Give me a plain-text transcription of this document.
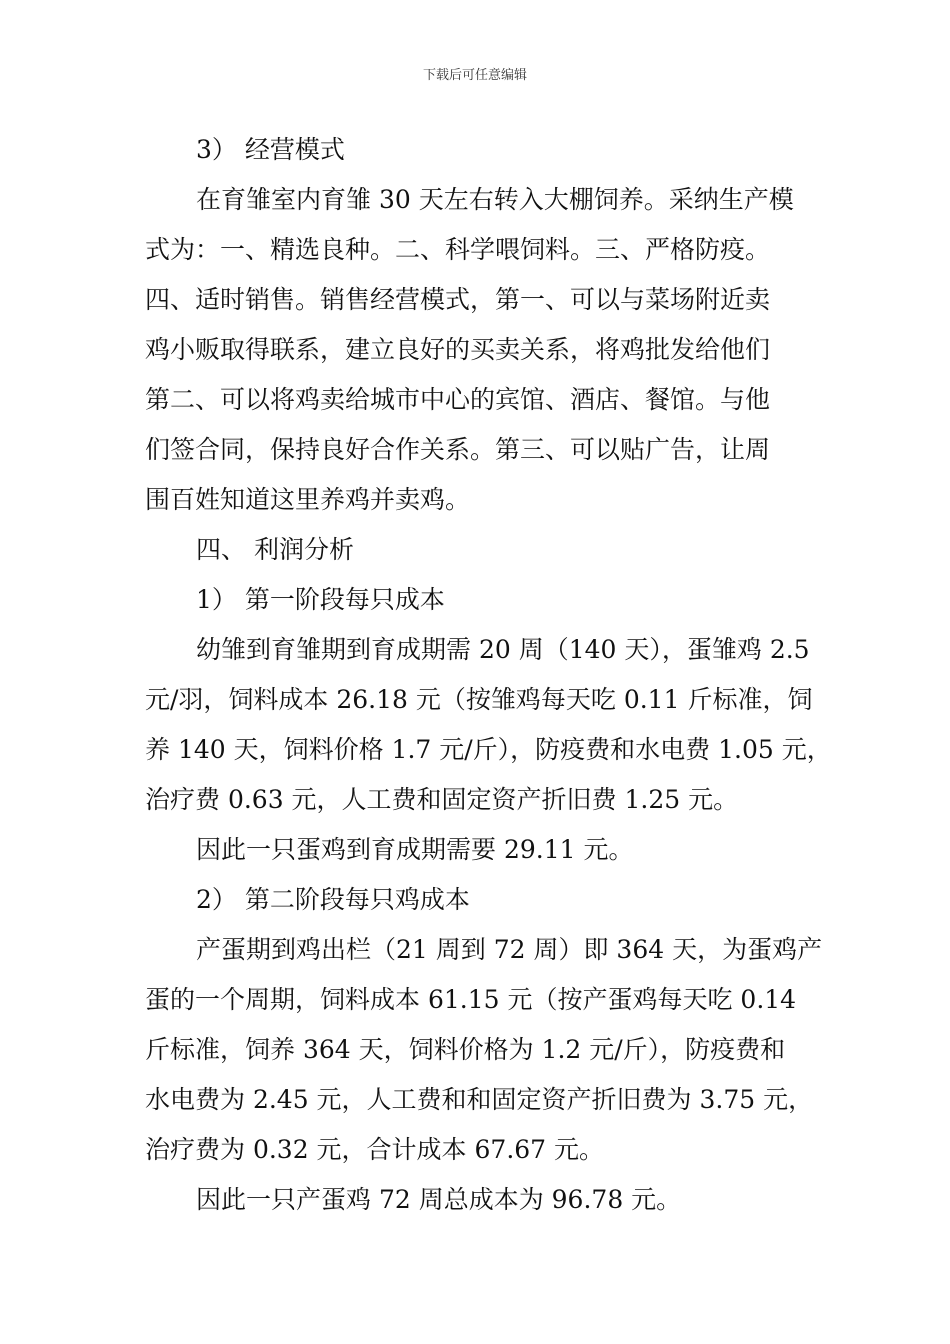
下载后可任意编辑
3） 经营模式
在育雏室内育雏 30 天左右转入大棚饲养。采纳生产模
式为：一、精选良种。二、科学喂饲料。三、严格防疫。
四、适时销售。销售经营模式，第一、可以与菜场附近卖
鸡小贩取得联系，建立良好的买卖关系，将鸡批发给他们
第二、可以将鸡卖给城市中心的宾馆、酒店、餐馆。与他
们签合同，保持良好合作关系。第三、可以贴广告，让周
围百姓知道这里养鸡并卖鸡。
四、 利润分析
1） 第一阶段每只成本
幼雏到育雏期到育成期需 20 周（140 天），蛋雏鸡 2.5
元/羽，饲料成本 26.18 元（按雏鸡每天吃 0.11 斤标准，饲
养 140 天，饲料价格 1.7 元/斤），防疫费和水电费 1.05 元，
治疗费 0.63 元，人工费和固定资产折旧费 1.25 元。
因此一只蛋鸡到育成期需要 29.11 元。
2） 第二阶段每只鸡成本
产蛋期到鸡出栏（21 周到 72 周）即 364 天，为蛋鸡产
蛋的一个周期，饲料成本 61.15 元（按产蛋鸡每天吃 0.14
斤标准，饲养 364 天，饲料价格为 1.2 元/斤），防疫费和
水电费为 2.45 元，人工费和和固定资产折旧费为 3.75 元，
治疗费为 0.32 元，合计成本 67.67 元。
因此一只产蛋鸡 72 周总成本为 96.78 元。
